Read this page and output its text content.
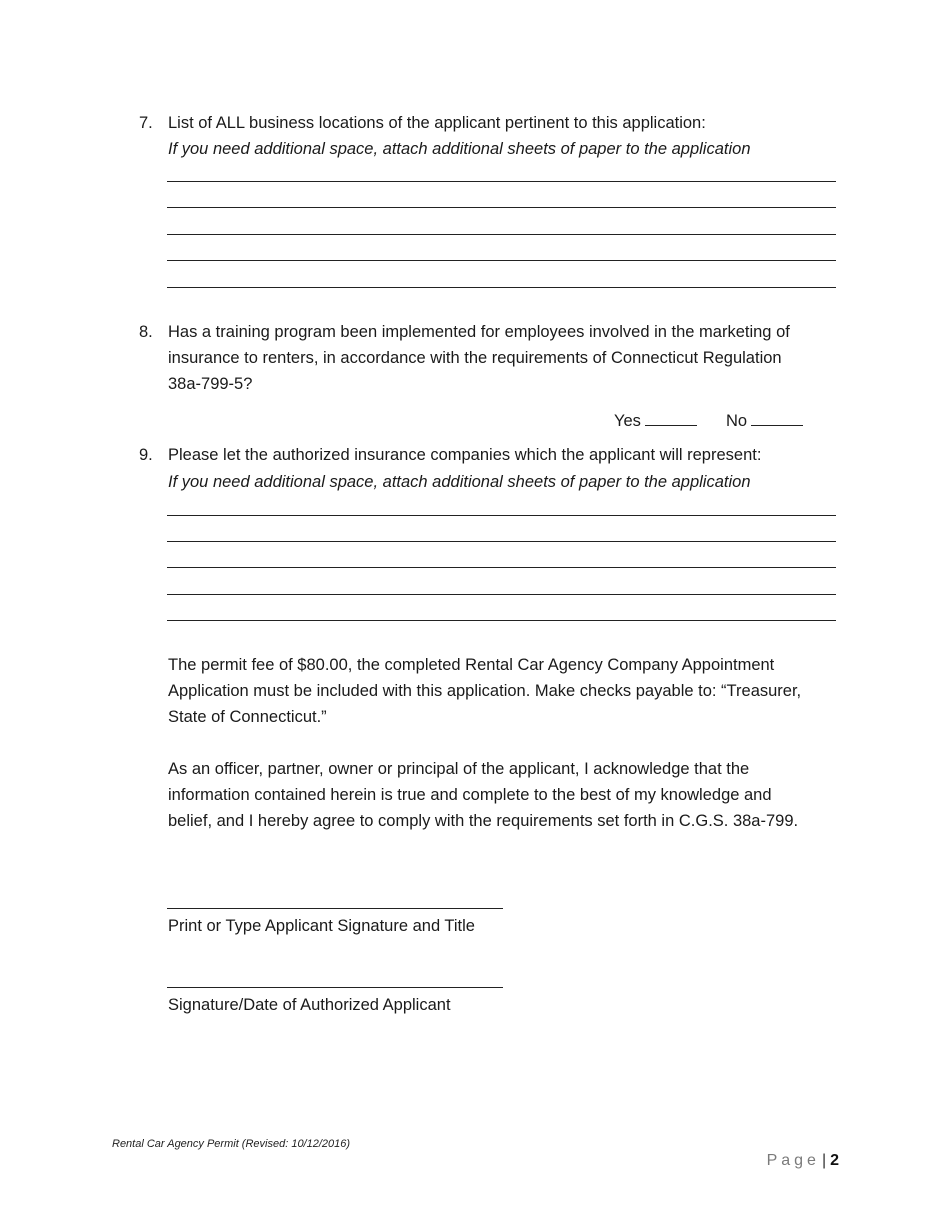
7. List of ALL business locations of the applicant pertinent to this application:
If you need additional space, attach additional sheets of paper to the application
8. Has a training program been implemented for employees involved in the marketing of
insurance to renters, in accordance with the requirements of Connecticut Regulation
38a-799-5?
Yes	No
9. Please let the authorized insurance companies which the applicant will represent:
If you need additional space, attach additional sheets of paper to the application
The permit fee of $80.00, the completed Rental Car Agency Company Appointment
Application must be included with this application. Make checks payable to: “Treasurer,
State of Connecticut.”
As an officer, partner, owner or principal of the applicant, I acknowledge that the
information contained herein is true and complete to the best of my knowledge and
belief, and I hereby agree to comply with the requirements set forth in C.G.S. 38a-799.
Print or Type Applicant Signature and Title
Signature/Date of Authorized Applicant
Rental Car Agency Permit (Revised: 10/12/2016)
Page | 2
